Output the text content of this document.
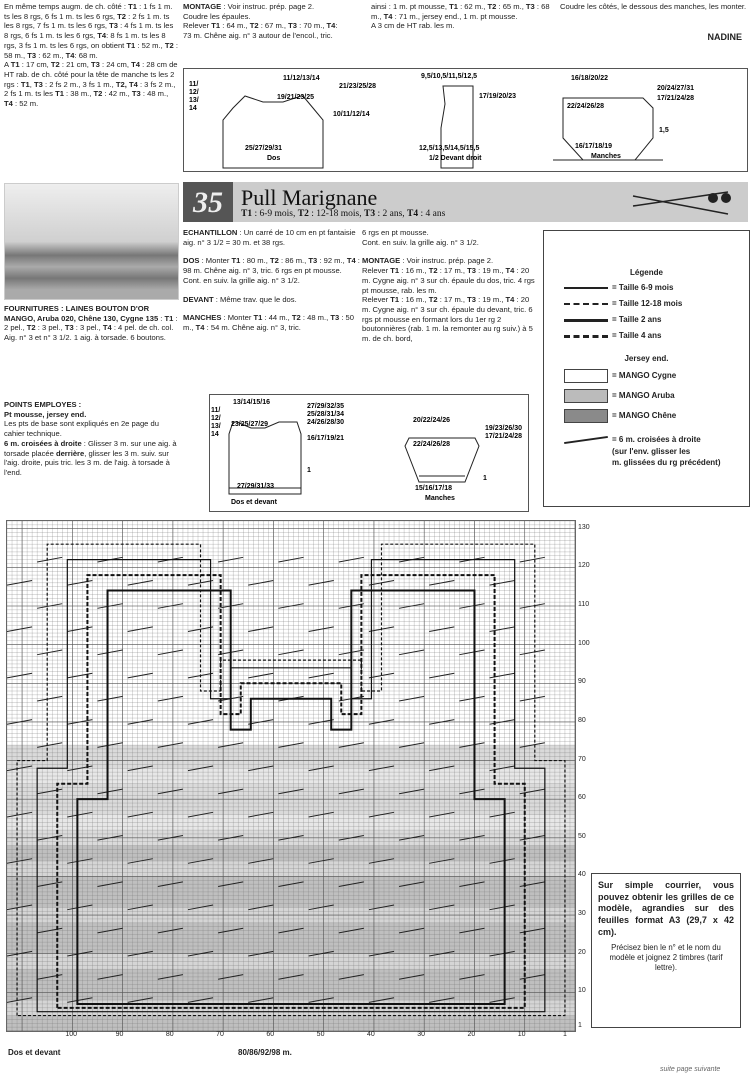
En même temps augm. de ch. côté : T1 : 1 fs 1 m. ts les 8 rgs, 6 fs 1 m. ts les 6 rgs, T2 : 2 fs 1 m. ts les 8 rgs, 7 fs 1 m. ts les 6 rgs, T3 : 4 fs 1 m. ts les 8 rgs, 6 fs 1 m. ts les 6 rgs, T4: 8 fs 1 m. ts les 8 rgs, 3 fs 1 m. ts les 6 rgs, on obtient T1 : 52 m., T2 : 58 m., T3 : 62 m., T4: 68 m.
A T1 : 17 cm, T2 : 21 cm, T3 : 24 cm, T4 : 28 cm de HT rab. de ch. côté pour la tête de manche ts les 2 rgs : T1, T3 : 2 fs 2 m., 3 fs 1 m., T2, T4 : 3 fs 2 m., 2 fs 1 m. ts les T1 : 38 m., T2 : 42 m., T3 : 48 m., T4 : 52 m.
MONTAGE : Voir instruc. prép. page 2.
Coudre les épaules.
Relever T1 : 64 m., T2 : 67 m., T3 : 70 m., T4:
73 m. Chêne aig. n° 3 autour de l'encol., tric.
ainsi : 1 m. pt mousse, T1 : 62 m., T2 : 65 m., T3 : 68 m., T4 : 71 m., jersey end., 1 m. pt mousse.
A 3 cm de HT rab. les m.
Coudre les côtés, le dessous des manches, les monter.
NADINE
11/12/13/14
19/21/23/25
21/23/25/28
10/11/12/14
11/
12/
13/
14
25/27/29/31
Dos
9,5/10,5/11,5/12,5
17/19/20/23
12,5/13,5/14,5/15,5
1/2 Devant droit
16/18/20/22
22/24/26/28
20/24/27/31
17/21/24/28
1,5
16/17/18/19
Manches
35 Pull Marignane
T1 : 6-9 mois, T2 : 12-18 mois, T3 : 2 ans, T4 : 4 ans
FOURNITURES : LAINES BOUTON D'OR MANGO, Aruba 020, Chêne 130, Cygne 135 : T1 : 2 pel., T2 : 3 pel., T3 : 3 pel., T4 : 4 pel. de ch. col.
Aig. n° 3 et n° 3 1/2. 1 aig. à torsade. 6 boutons.
POINTS EMPLOYES :
Pt mousse, jersey end.
Les pts de base sont expliqués en 2e page du cahier technique.
6 m. croisées à droite : Glisser 3 m. sur une aig. à torsade placée derrière, glisser les 3 m. suiv. sur l'aig. droite, puis tric. les 3 m. de l'aig. à torsade à l'end.

ECHANTILLON : Un carré de 10 cm en pt fantaisie aig. n° 3 1/2 = 30 m. et 38 rgs.

DOS : Monter T1 : 80 m., T2 : 86 m., T3 : 92 m., T4 : 98 m. Chêne aig. n° 3, tric. 6 rgs en pt mousse.
Cont. en suiv. la grille aig. n° 3 1/2.

DEVANT : Même trav. que le dos.

MANCHES : Monter T1 : 44 m., T2 : 48 m., T3 : 50 m., T4 : 54 m. Chêne aig. n° 3, tric.

6 rgs en pt mousse.
Cont. en suiv. la grille aig. n° 3 1/2.

MONTAGE : Voir instruc. prép. page 2.
Relever T1 : 16 m., T2 : 17 m., T3 : 19 m., T4 : 20 m. Cygne aig. n° 3 sur ch. épaule du dos, tric. 4 rgs pt mousse, rab. les m.
Relever T1 : 16 m., T2 : 17 m., T3 : 19 m., T4 : 20 m. Cygne aig. n° 3 sur ch. épaule du devant, tric. 6 rgs pt mousse en formant lors du 1er rg 2 boutonnières (rab. 1 m. la remonter au rg suiv.) à 5 m. de ch. bord,

Légende
= Taille 6-9 mois
= Taille 12-18 mois
= Taille 2 ans
= Taille 4 ans
Jersey end.
= MANGO Cygne
= MANGO Aruba
= MANGO Chêne
= 6 m. croisées à droite
(sur l'env. glisser les
m. glissées du rg précédent)
13/14/15/16
23/25/27/29
27/29/32/35
25/28/31/34
24/26/28/30
16/17/19/21
1
11/
12/
13/
14
27/29/31/33
Dos et devant
20/22/24/26
22/24/26/28
19/23/26/30
17/21/24/28
1
15/16/17/18
Manches
130
120
110
100
90
80
70
60
50
40
30
20
10
1
100	90	80	70	60	50	40	30	20	10	1
Sur simple courrier, vous pouvez obtenir les grilles de ce modèle, agrandies sur des feuilles format A3 (29,7 x 42 cm).
Précisez bien le n° et le nom du modèle et joignez 2 timbres (tarif lettre).
Dos et devant	80/86/92/98 m.
suite page suivante
